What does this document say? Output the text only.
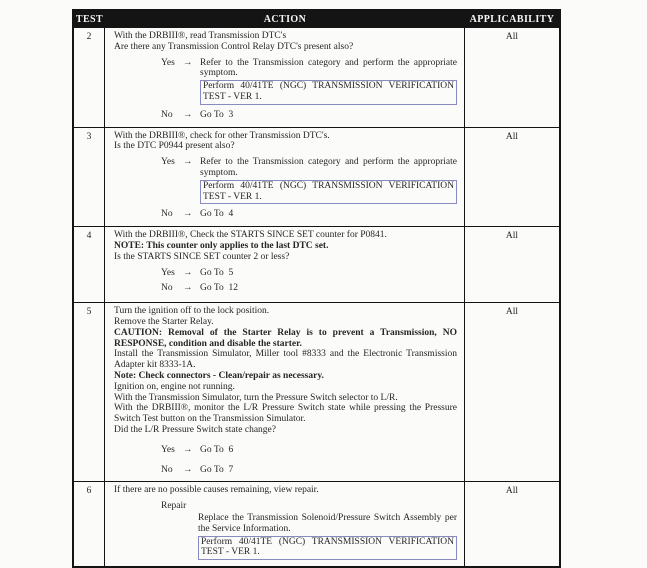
TEST	ACTION	APPLICABILITY
2	With the DRBIII®, read Transmission DTC's
Are there any Transmission Control Relay DTC's present also?
Yes → Refer to the Transmission category and perform the appropriate symptom.
Perform 40/41TE (NGC) TRANSMISSION VERIFICATION TEST - VER 1.
No	→ Go To  3
All
3	With the DRBIII®, check for other Transmission DTC's.
Is the DTC P0944 present also?
Yes → Refer to the Transmission category and perform the appropriate symptom.
Perform 40/41TE (NGC) TRANSMISSION VERIFICATION TEST - VER 1.
No	→ Go To  4
All
4	With the DRBIII®, Check the STARTS SINCE SET counter for P0841.
NOTE: This counter only applies to the last DTC set.
Is the STARTS SINCE SET counter 2 or less?
Yes → Go To  5
No	→ Go To  12
All
5	Turn the ignition off to the lock position.
Remove the Starter Relay.
CAUTION: Removal of the Starter Relay is to prevent a Transmission, NO RESPONSE, condition and disable the starter.
Install the Transmission Simulator, Miller tool #8333 and the Electronic Transmission Adapter kit 8333-1A.
Note: Check connectors - Clean/repair as necessary.
Ignition on, engine not running.
With the Transmission Simulator, turn the Pressure Switch selector to L/R.
With the DRBIII®, monitor the L/R Pressure Switch state while pressing the Pressure Switch Test button on the Transmission Simulator.
Did the L/R Pressure Switch state change?
Yes → Go To  6
No	→ Go To  7
All
6	If there are no possible causes remaining, view repair.
Repair
Replace the Transmission Solenoid/Pressure Switch Assembly per the Service Information.
Perform 40/41TE (NGC) TRANSMISSION VERIFICATION TEST - VER 1.
All
